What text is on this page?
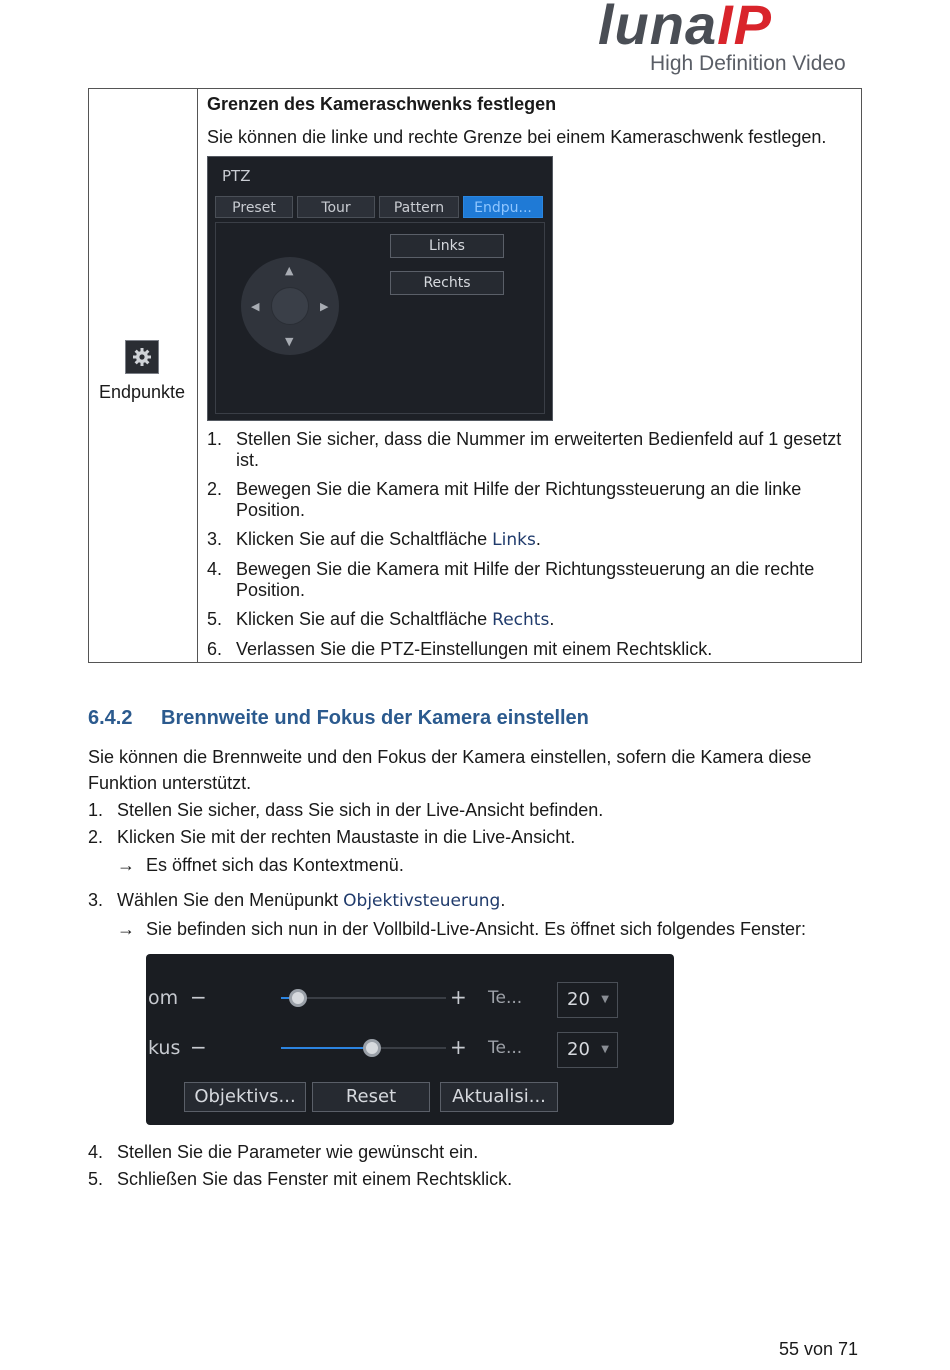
lunaIP
High Definition Video
Endpunkte
Grenzen des Kameraschwenks festlegen
Sie können die linke und rechte Grenze bei einem Kameraschwenk festlegen.
PTZ
Preset	Tour	Pattern	Endpu...
Links
Rechts
▲
▼
◀	▶
1. Stellen Sie sicher, dass die Nummer im erweiterten Bedienfeld auf 1 gesetzt ist.
2. Bewegen Sie die Kamera mit Hilfe der Richtungssteuerung an die linke Position.
3. Klicken Sie auf die Schaltfläche Links.
4. Bewegen Sie die Kamera mit Hilfe der Richtungssteuerung an die rechte Position.
5. Klicken Sie auf die Schaltfläche Rechts.
6. Verlassen Sie die PTZ-Einstellungen mit einem Rechtsklick.
6.4.2 Brennweite und Fokus der Kamera einstellen
Sie können die Brennweite und den Fokus der Kamera einstellen, sofern die Kamera diese Funktion unterstützt.
1. Stellen Sie sicher, dass Sie sich in der Live-Ansicht befinden.
2. Klicken Sie mit der rechten Maustaste in die Live-Ansicht.
→ Es öffnet sich das Kontextmenü.
3. Wählen Sie den Menüpunkt Objektivsteuerung.
→ Sie befinden sich nun in der Vollbild-Live-Ansicht. Es öffnet sich folgendes Fenster:
om −	+ Te...	20 ▼
kus −	+ Te...	20 ▼
Objektivs...	Reset	Aktualisi...
4. Stellen Sie die Parameter wie gewünscht ein.
5. Schließen Sie das Fenster mit einem Rechtsklick.
55 von 71
